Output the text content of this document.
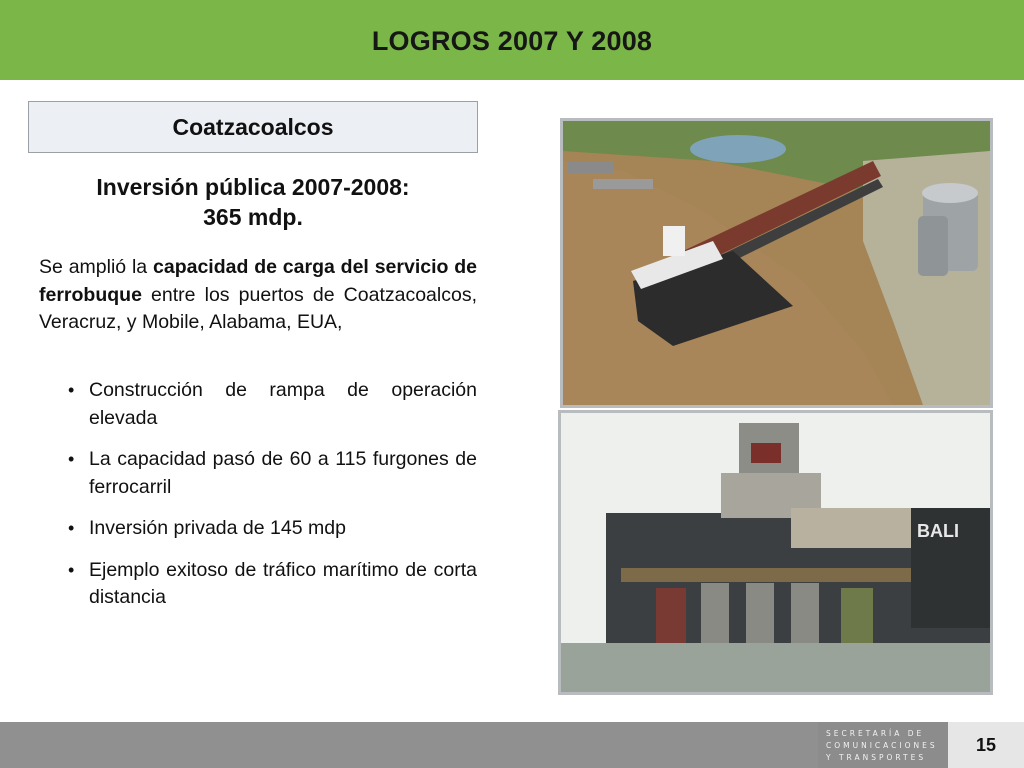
LOGROS 2007 Y 2008
Coatzacoalcos
Inversión pública 2007-2008:
365 mdp.
Se amplió la capacidad de carga del servicio de ferrobuque entre los puertos de Coatzacoalcos, Veracruz, y Mobile, Alabama, EUA,
• Construcción de rampa de operación elevada
• La capacidad pasó de 60 a 115 furgones de ferrocarril
• Inversión privada de 145 mdp
• Ejemplo exitoso de tráfico marítimo de corta distancia
BALI
SECRETARÍA DE
COMUNICACIONES
Y TRANSPORTES
15
